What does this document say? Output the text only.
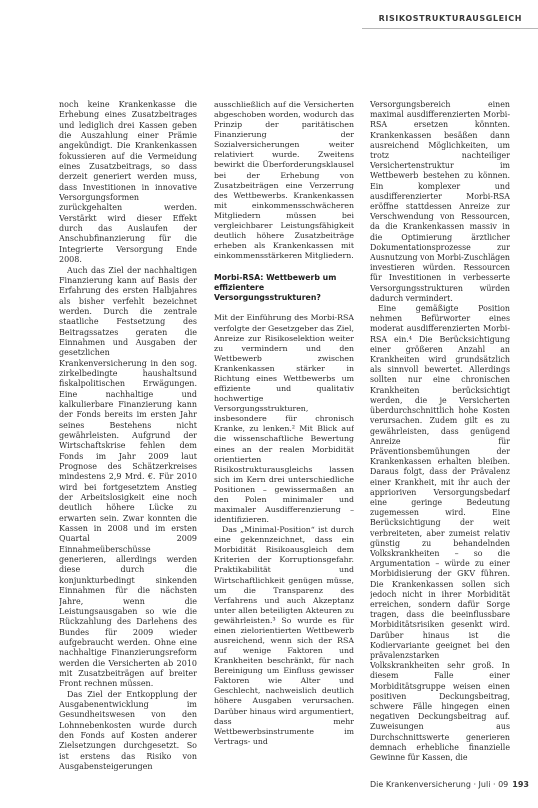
RISIKOSTRUKTURAUSGLEICH

noch keine Krankenkasse die Erhebung eines Zusatzbeitrages und lediglich drei Kassen geben die Auszahlung einer Prämie angekündigt. Die Krankenkassen fokussieren auf die Vermeidung eines Zusatzbeitrags, so dass derzeit generiert werden muss, dass Investitionen in innovative Versorgungsformen zurückgehalten werden. Verstärkt wird dieser Effekt durch das Auslaufen der Anschubfinanzierung für die Integrierte Versorgung Ende 2008.

Auch das Ziel der nachhaltigen Finanzierung kann auf Basis der Erfahrung des ersten Halbjahres als bisher verfehlt bezeichnet werden. Durch die zentrale staatliche Festsetzung des Beitragssatzes geraten die Einnahmen und Ausgaben der gesetzlichen Krankenversicherung in den sog. zirkelbedingte haushaltsund fiskalpolitischen Erwägungen. Eine nachhaltige und kalkulierbare Finanzierung kann der Fonds bereits im ersten Jahr seines Bestehens nicht gewährleisten. Aufgrund der Wirtschaftskrise fehlen dem Fonds im Jahr 2009 laut Prognose des Schätzerkreises mindestens 2,9 Mrd. €. Für 2010 wird bei fortgesetztem Anstieg der Arbeitslosigkeit eine noch deutlich höhere Lücke zu erwarten sein. Zwar konnten die Kassen in 2008 und im ersten Quartal 2009 Einnahmeüberschüsse generieren, allerdings werden diese durch die konjunkturbedingt sinkenden Einnahmen für die nächsten Jahre, wenn die Leistungsausgaben so wie die Rückzahlung des Darlehens des Bundes für 2009 wieder aufgebraucht werden. Ohne eine nachhaltige Finanzierungsreform werden die Versicherten ab 2010 mit Zusatzbeiträgen auf breiter Front rechnen müssen.

Das Ziel der Entkopplung der Ausgabenentwicklung im Gesundheitswesen von den Lohnnebenkosten wurde durch den Fonds auf Kosten anderer Zielsetzungen durchgesetzt. So ist erstens das Risiko von Ausgabensteigerungen

ausschließlich auf die Versicherten abgeschoben worden, wodurch das Prinzip der paritätischen Finanzierung der Sozialversicherungen weiter relativiert wurde. Zweitens bewirkt die Überforderungsklausel bei der Erhebung von Zusatzbeiträgen eine Verzerrung des Wettbewerbs. Krankenkassen mit einkommensschwächeren Mitgliedern müssen bei vergleichbarer Leistungsfähigkeit deutlich höhere Zusatzbeiträge erheben als Krankenkassen mit einkommensstärkeren Mitgliedern.

Morbi-RSA: Wettbewerb um effizientere Versorgungsstrukturen?

Mit der Einführung des Morbi-RSA verfolgte der Gesetzgeber das Ziel, Anreize zur Risikoselektion weiter zu vermindern und den Wettbewerb zwischen Krankenkassen stärker in Richtung eines Wettbewerbs um effiziente und qualitativ hochwertige Versorgungsstrukturen, insbesondere für chronisch Kranke, zu lenken.² Mit Blick auf die wissenschaftliche Bewertung eines an der realen Morbidität orientierten Risikostrukturausgleichs lassen sich im Kern drei unterschiedliche Positionen – gewissermaßen an den Polen minimaler und maximaler Ausdifferenzierung – identifizieren.

Das „Minimal-Position“ ist durch eine gekennzeichnet, dass ein Morbidität Risikoausgleich dem Kriterien der Korruptionsgefahr. Praktikabilität und Wirtschaftlichkeit genügen müsse, um die Transparenz des Verfahrens und auch Akzeptanz unter allen beteiligten Akteuren zu gewährleisten.³ So wurde es für einen zielorientierten Wettbewerb ausreichend, wenn sich der RSA auf wenige Faktoren und Krankheiten beschränkt, für nach Bereinigung um Einfluss gewisser Faktoren wie Alter und Geschlecht, nachweislich deutlich höhere Ausgaben verursachen. Darüber hinaus wird argumentiert, dass mehr Wettbewerbsinstrumente im Vertrags- und

Versorgungsbereich einen maximal ausdifferenzierten Morbi-RSA ersetzen könnten. Krankenkassen besäßen dann ausreichend Möglichkeiten, um trotz nachteiliger Versichertenstruktur im Wettbewerb bestehen zu können. Ein komplexer und ausdifferenzierter Morbi-RSA eröffne stattdessen Anreize zur Verschwendung von Ressourcen, da die Krankenkassen massiv in die Optimierung ärztlicher Dokumentationsprozesse zur Ausnutzung von Morbi-Zuschlägen investieren würden. Ressourcen für Investitionen in verbesserte Versorgungsstrukturen würden dadurch vermindert.

Eine gemäßigte Position nehmen Befürworter eines moderat ausdifferenzierten Morbi-RSA ein.⁴ Die Berücksichtigung einer größeren Anzahl an Krankheiten wird grundsätzlich als sinnvoll bewertet. Allerdings sollten nur eine chronischen Krankheiten berücksichtigt werden, die je Versicherten überdurchschnittlich hohe Kosten verursachen. Zudem gilt es zu gewährleisten, dass genügend Anreize für Präventionsbemühungen der Krankenkassen erhalten bleiben. Daraus folgt, dass der Prävalenz einer Krankheit, mit ihr auch der apprioriven Versorgungsbedarf eine geringe Bedeutung zugemessen wird. Eine Berücksichtigung der weit verbreiteten, aber zumeist relativ günstig zu behandelnden Volkskrankheiten – so die Argumentation – würde zu einer Morbidisierung der GKV führen. Die Krankenkassen sollen sich jedoch nicht in ihrer Morbidität erreichen, sondern dafür Sorge tragen, dass die beeinflussbare Morbiditätsrisiken gesenkt wird. Darüber hinaus ist die Kodiervariante geeignet bei den prävalenzstarken Volkskrankheiten sehr groß. In diesem Falle einer Morbiditätsgruppe weisen einen positiven Deckungsbeitrag, schwere Fälle hingegen einen negativen Deckungsbeitrag auf. Zuweisungen aus Durchschnittswerte generieren demnach erhebliche finanzielle Gewinne für Kassen, die

Die Krankenversicherung · Juli · 09 193
